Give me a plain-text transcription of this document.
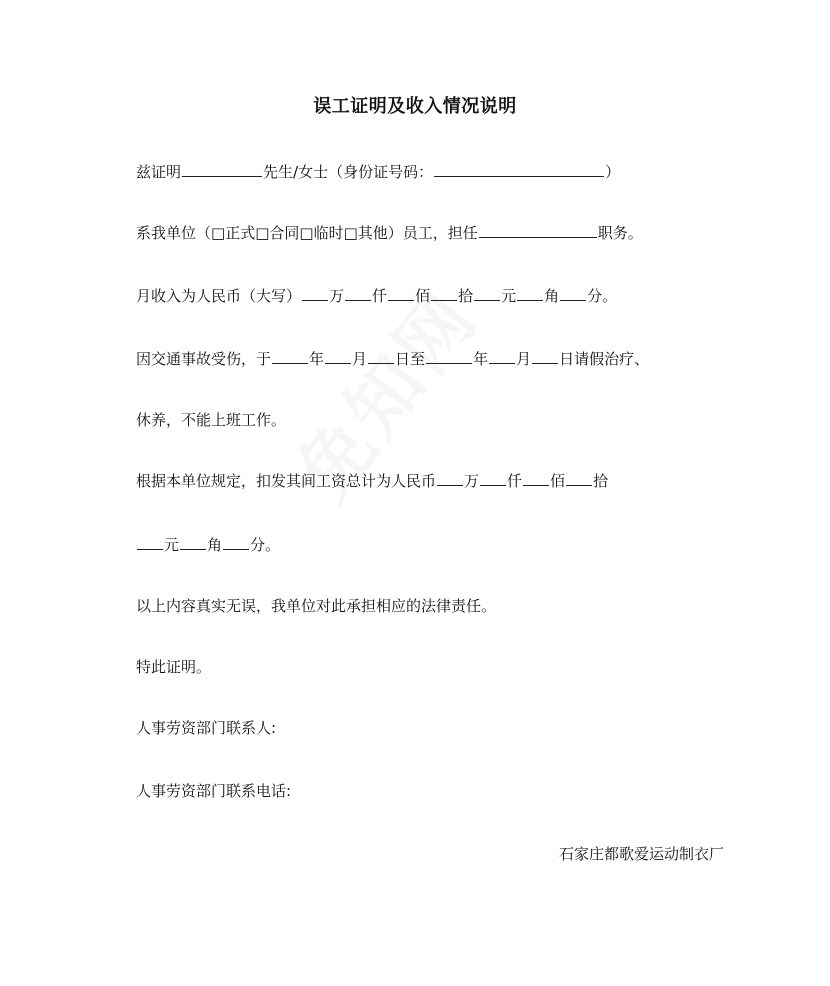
误工证明及收入情况说明
兹证明	先生/女士（身份证号码：	）
系我单位（□正式□合同□临时□其他）员工，担任	职务。
月收入为人民币（大写） 万 仟 佰 拾 元 角 分。
因交通事故受伤，于	年 月 日至	年 月 日请假治疗、
休养，不能上班工作。
根据本单位规定，扣发其间工资总计为人民币 万 仟 佰 拾
元 角 分。
以上内容真实无误，我单位对此承担相应的法律责任。
特此证明。
人事劳资部门联系人:
人事劳资部门联系电话:
石家庄都歌爱运动制衣厂
